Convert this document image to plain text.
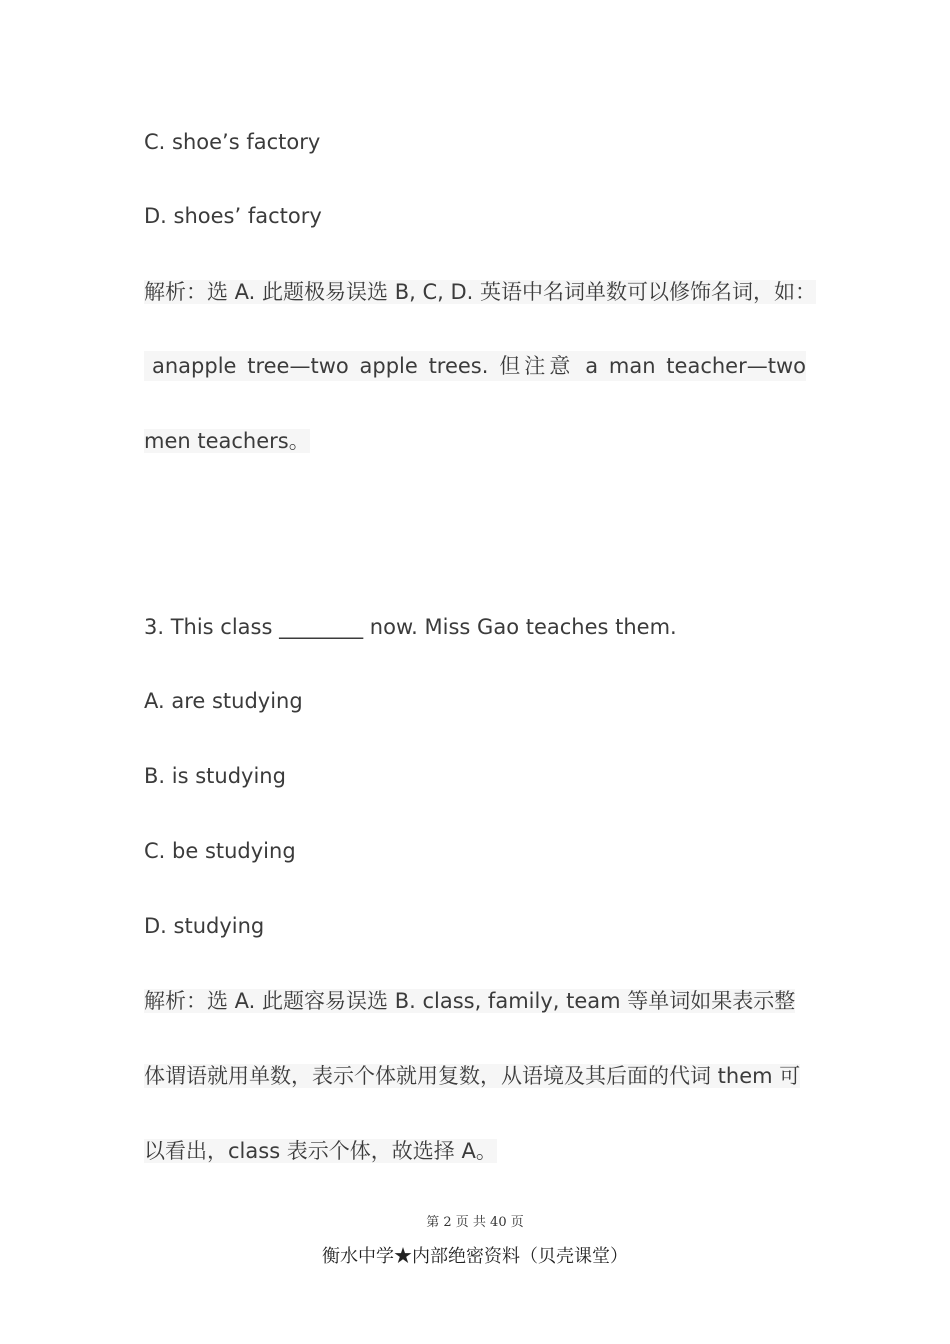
C. shoe’s factory
D. shoes’ factory
解析：选 A. 此题极易误选 B, C, D. 英语中名词单数可以修饰名词，如：
anapple tree—two apple trees. 但注意 a man teacher—two
men teachers。
3. This class ________ now. Miss Gao teaches them.
A. are studying
B. is studying
C. be studying
D. studying
解析：选 A. 此题容易误选 B. class, family, team 等单词如果表示整
体谓语就用单数，表示个体就用复数，从语境及其后面的代词 them 可
以看出，class 表示个体，故选择 A。
第 2 页 共 40 页
衡水中学★内部绝密资料（贝壳课堂）
